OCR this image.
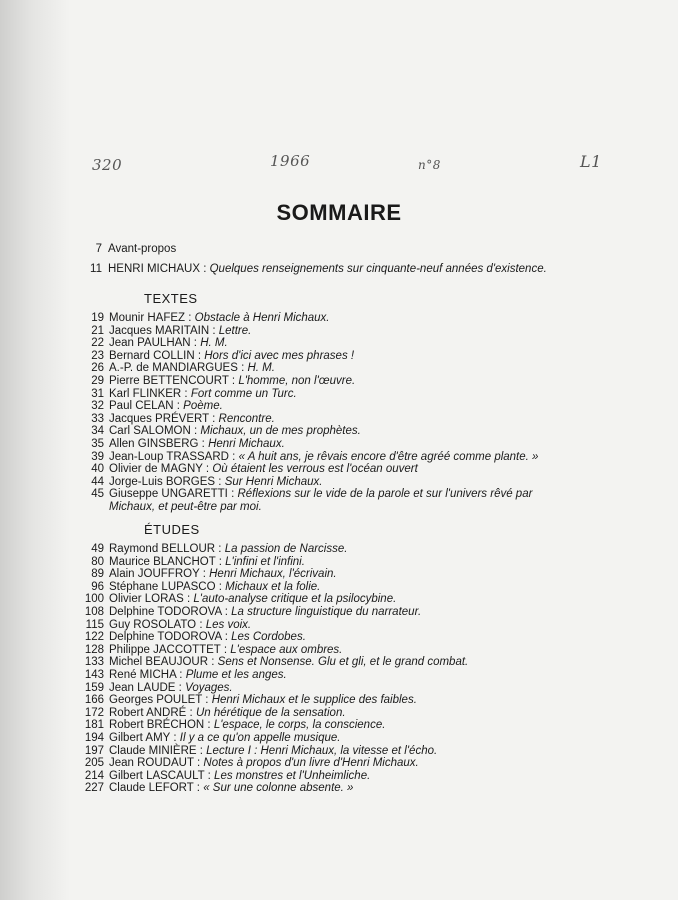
320	1966	n°8	L1
SOMMAIRE
7 Avant-propos
11 HENRI MICHAUX : Quelques renseignements sur cinquante-neuf années d'existence.
TEXTES
19 Mounir HAFEZ : Obstacle à Henri Michaux.
21 Jacques MARITAIN : Lettre.
22 Jean PAULHAN : H. M.
23 Bernard COLLIN : Hors d'ici avec mes phrases !
26 A.-P. de MANDIARGUES : H. M.
29 Pierre BETTENCOURT : L'homme, non l'œuvre.
31 Karl FLINKER : Fort comme un Turc.
32 Paul CELAN : Poème.
33 Jacques PRÉVERT : Rencontre.
34 Carl SALOMON : Michaux, un de mes prophètes.
35 Allen GINSBERG : Henri Michaux.
39 Jean-Loup TRASSARD : « A huit ans, je rêvais encore d'être agréé comme plante. »
40 Olivier de MAGNY : Où étaient les verrous est l'océan ouvert
44 Jorge-Luis BORGES : Sur Henri Michaux.
45 Giuseppe UNGARETTI : Réflexions sur le vide de la parole et sur l'univers rêvé par
Michaux, et peut-être par moi.
ÉTUDES
49 Raymond BELLOUR : La passion de Narcisse.
80 Maurice BLANCHOT : L'infini et l'infini.
89 Alain JOUFFROY : Henri Michaux, l'écrivain.
96 Stéphane LUPASCO : Michaux et la folie.
100 Olivier LORAS : L'auto-analyse critique et la psilocybine.
108 Delphine TODOROVA : La structure linguistique du narrateur.
115 Guy ROSOLATO : Les voix.
122 Delphine TODOROVA : Les Cordobes.
128 Philippe JACCOTTET : L'espace aux ombres.
133 Michel BEAUJOUR : Sens et Nonsense. Glu et gli, et le grand combat.
143 René MICHA : Plume et les anges.
159 Jean LAUDE : Voyages.
166 Georges POULET : Henri Michaux et le supplice des faibles.
172 Robert ANDRÉ : Un hérétique de la sensation.
181 Robert BRÉCHON : L'espace, le corps, la conscience.
194 Gilbert AMY : Il y a ce qu'on appelle musique.
197 Claude MINIÈRE : Lecture I : Henri Michaux, la vitesse et l'écho.
205 Jean ROUDAUT : Notes à propos d'un livre d'Henri Michaux.
214 Gilbert LASCAULT : Les monstres et l'Unheimliche.
227 Claude LEFORT : « Sur une colonne absente. »
